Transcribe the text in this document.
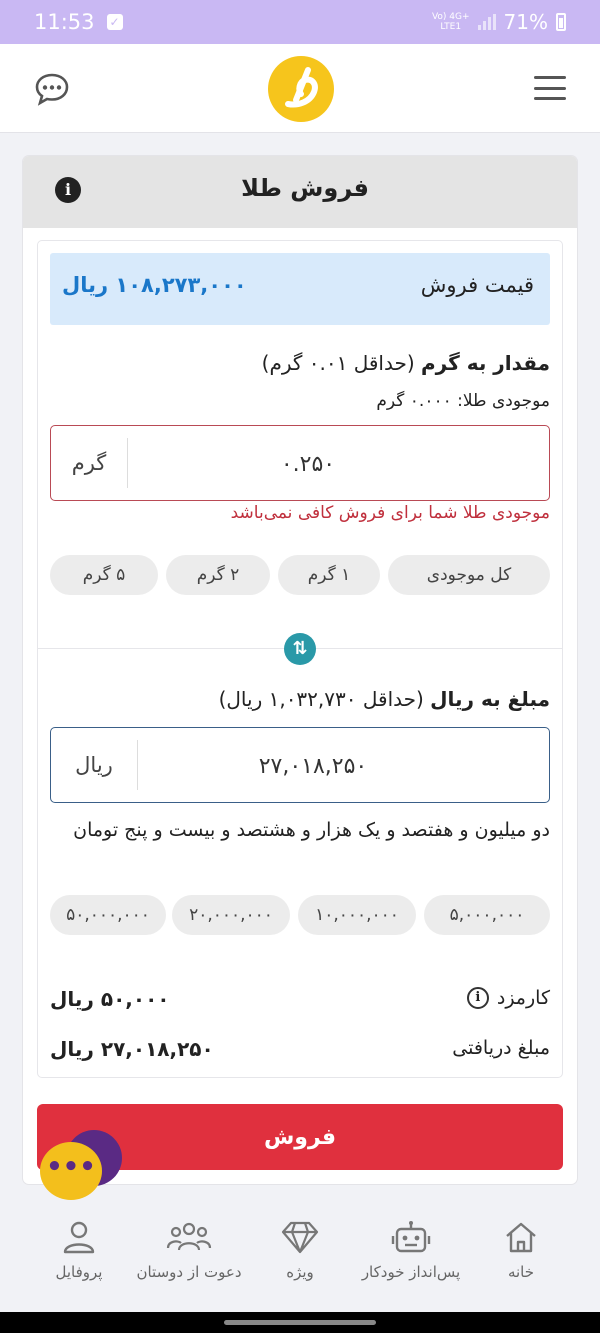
11:53 ✓	Vo) 4G+
LTE1	71%
i	فروش طلا
قیمت فروش
۱۰۸,۲۷۳,۰۰۰ ریال
مقدار به گرم (حداقل ۰.۰۱ گرم)
موجودی طلا: ۰.۰۰۰ گرم
گرم
۰.۲۵۰
موجودی طلا شما برای فروش کافی نمی‌باشد
کل موجودی
۱ گرم
۲ گرم
۵ گرم
⇅
مبلغ به ریال (حداقل ۱,۰۳۲,۷۳۰ ریال)
ریال
۲۷,۰۱۸,۲۵۰
دو میلیون و هفتصد و یک هزار و هشتصد و بیست و پنج تومان
۵,۰۰۰,۰۰۰
۱۰,۰۰۰,۰۰۰
۲۰,۰۰۰,۰۰۰
۵۰,۰۰۰,۰۰۰
کارمزد
i
۵۰,۰۰۰ ریال
مبلغ دریافتی
۲۷,۰۱۸,۲۵۰ ریال
فروش
•••
خانه
پس‌انداز خودکار
ویژه
دعوت از دوستان
پروفایل
